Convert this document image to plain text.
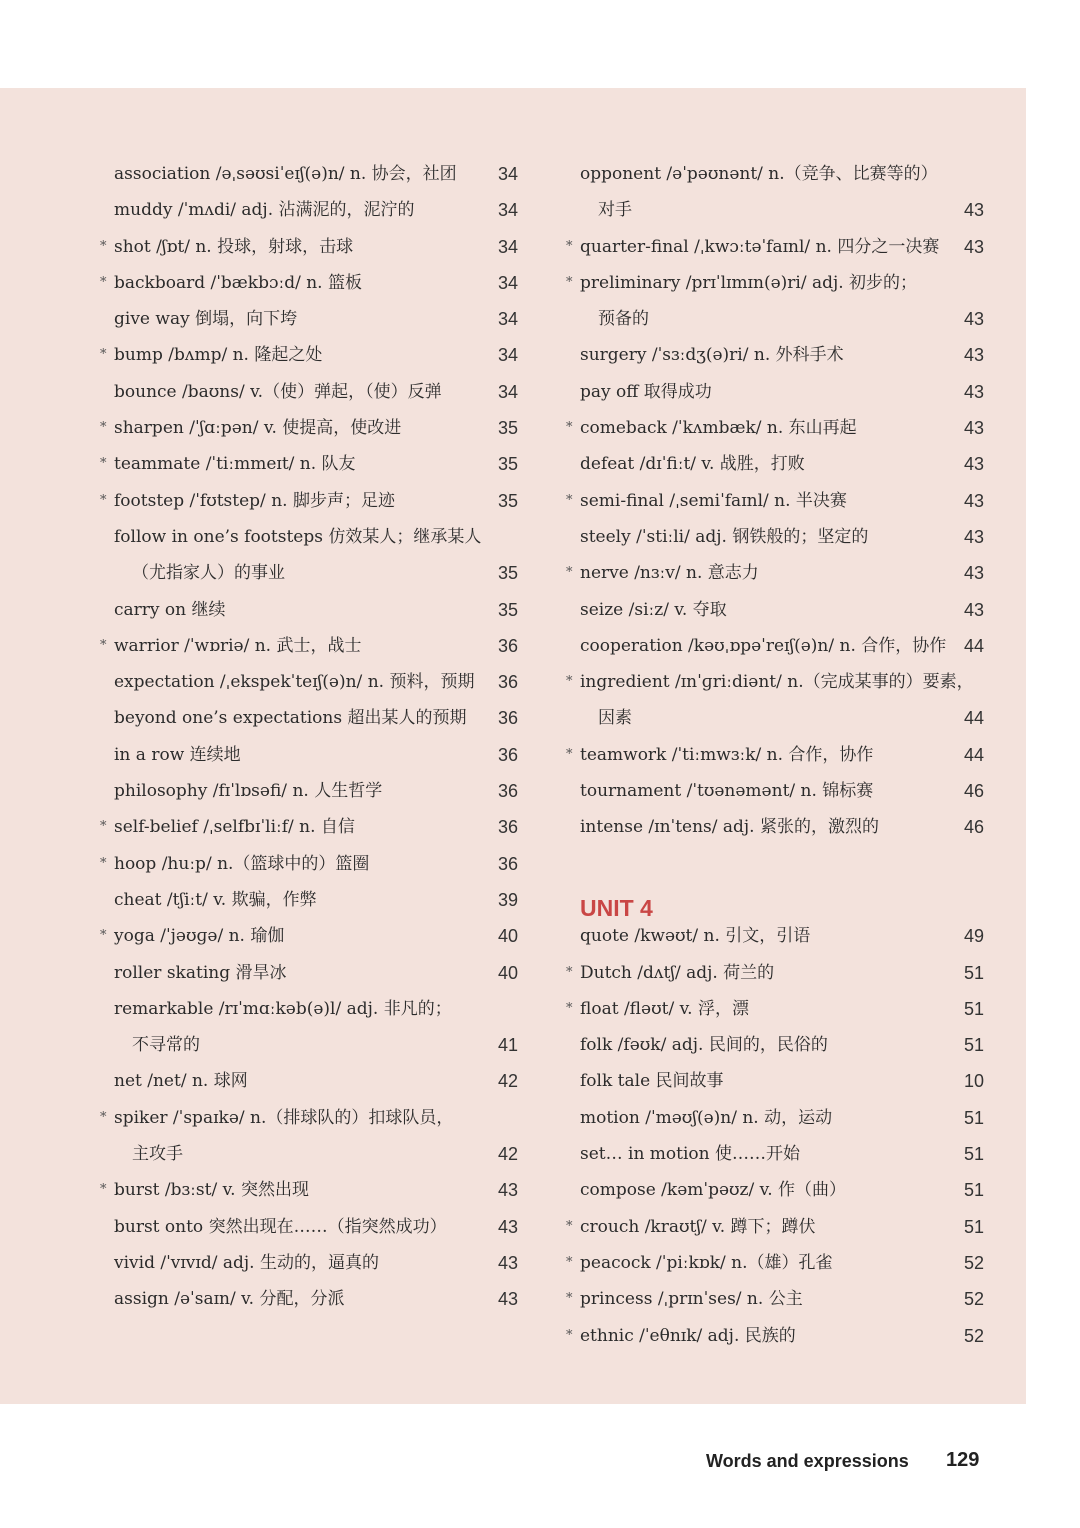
association /əˌsəʊsiˈeɪʃ(ə)n/ n. 协会，社团 34
muddy /ˈmʌdi/ adj. 沾满泥的，泥泞的	34
* shot /ʃɒt/ n. 投球，射球，击球	34
* backboard /ˈbækbɔːd/ n. 篮板	34
give way 倒塌，向下垮	34
* bump /bʌmp/ n. 隆起之处	34
bounce /baʊns/ v.（使）弹起，（使）反弹	34
* sharpen /ˈʃɑːpən/ v. 使提高，使改进	35
* teammate /ˈtiːmmeɪt/ n. 队友	35
* footstep /ˈfʊtstep/ n. 脚步声；足迹	35
follow in one’s footsteps 仿效某人；继承某人
（尤指家人）的事业	35
carry on 继续	35
* warrior /ˈwɒriə/ n. 武士，战士	36
expectation /ˌekspekˈteɪʃ(ə)n/ n. 预料，预期 36
beyond one’s expectations 超出某人的预期 36
in a row 连续地	36
philosophy /fɪˈlɒsəfi/ n. 人生哲学	36
* self-belief /ˌselfbɪˈliːf/ n. 自信	36
* hoop /huːp/ n.（篮球中的）篮圈	36
cheat /tʃiːt/ v. 欺骗，作弊	39
* yoga /ˈjəʊɡə/ n. 瑜伽	40
roller skating 滑旱冰	40
remarkable /rɪˈmɑːkəb(ə)l/ adj. 非凡的；
不寻常的	41
net /net/ n. 球网	42
* spiker /ˈspaɪkə/ n.（排球队的）扣球队员，
主攻手	42
* burst /bɜːst/ v. 突然出现	43
burst onto 突然出现在……（指突然成功）	43
vivid /ˈvɪvɪd/ adj. 生动的，逼真的	43
assign /əˈsaɪn/ v. 分配，分派	43
opponent /əˈpəʊnənt/ n.（竞争、比赛等的）
对手	43
* quarter-final /ˌkwɔːtəˈfaɪnl/ n. 四分之一决赛 43
* preliminary /prɪˈlɪmɪn(ə)ri/ adj. 初步的；
预备的	43
surgery /ˈsɜːdʒ(ə)ri/ n. 外科手术	43
pay off 取得成功	43
* comeback /ˈkʌmbæk/ n. 东山再起	43
defeat /dɪˈfiːt/ v. 战胜，打败	43
* semi-final /ˌsemiˈfaɪnl/ n. 半决赛	43
steely /ˈstiːli/ adj. 钢铁般的；坚定的	43
* nerve /nɜːv/ n. 意志力	43
seize /siːz/ v. 夺取	43
cooperation /kəʊˌɒpəˈreɪʃ(ə)n/ n. 合作，协作 44
* ingredient /ɪnˈɡriːdiənt/ n.（完成某事的）要素，
因素	44
* teamwork /ˈtiːmwɜːk/ n. 合作，协作	44
tournament /ˈtʊənəmənt/ n. 锦标赛	46
intense /ɪnˈtens/ adj. 紧张的，激烈的	46
UNIT 4
quote /kwəʊt/ n. 引文，引语	49
* Dutch /dʌtʃ/ adj. 荷兰的	51
* float /fləʊt/ v. 浮，漂	51
folk /fəʊk/ adj. 民间的，民俗的	51
folk tale 民间故事	10
motion /ˈməʊʃ(ə)n/ n. 动，运动	51
set… in motion 使……开始	51
compose /kəmˈpəʊz/ v. 作（曲）	51
* crouch /kraʊtʃ/ v. 蹲下；蹲伏	51
* peacock /ˈpiːkɒk/ n.（雄）孔雀	52
* princess /ˌprɪnˈses/ n. 公主	52
* ethnic /ˈeθnɪk/ adj. 民族的	52
Words and expressions 129
